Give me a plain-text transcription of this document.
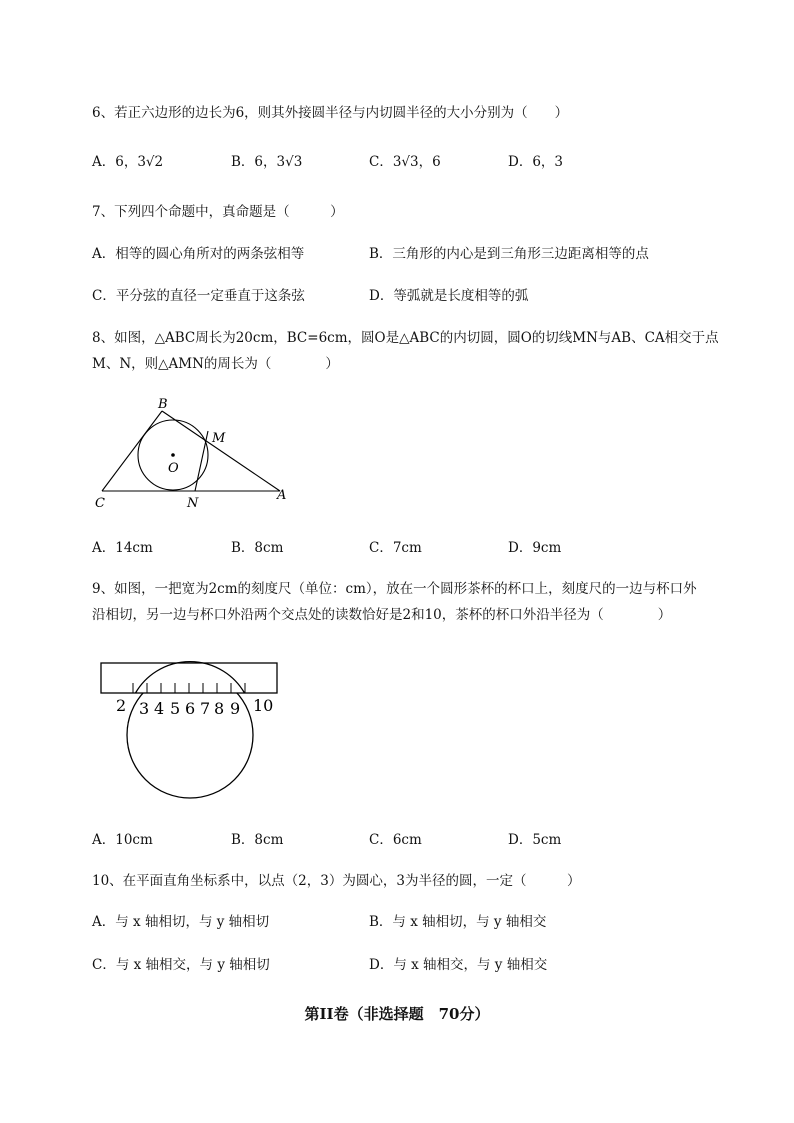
6、若正六边形的边长为6，则其外接圆半径与内切圆半径的大小分别为（　　）
A．6，3√2	B．6，3√3	C．3√3，6	D．6，3
7、下列四个命题中，真命题是（　　　）
A．相等的圆心角所对的两条弦相等	B．三角形的内心是到三角形三边距离相等的点
C．平分弦的直径一定垂直于这条弦	D．等弧就是长度相等的弧
8、如图，△ABC周长为20cm，BC=6cm，圆O是△ABC的内切圆，圆O的切线MN与AB、CA相交于点
M、N，则△AMN的周长为（　　　　）
B
M
O
C	N
A
A．14cm	B．8cm	C．7cm	D．9cm
9、如图，一把宽为2cm的刻度尺（单位：cm），放在一个圆形茶杯的杯口上，刻度尺的一边与杯口外
沿相切，另一边与杯口外沿两个交点处的读数恰好是2和10，茶杯的杯口外沿半径为（　　　　）
2 3 4 5 6 7 8 9 10
A．10cm	B．8cm	C．6cm	D．5cm
10、在平面直角坐标系中，以点（2，3）为圆心，3为半径的圆，一定（　　　）
A．与 x 轴相切，与 y 轴相切	B．与 x 轴相切，与 y 轴相交
C．与 x 轴相交，与 y 轴相切	D．与 x 轴相交，与 y 轴相交
第II卷（非选择题　70分）
